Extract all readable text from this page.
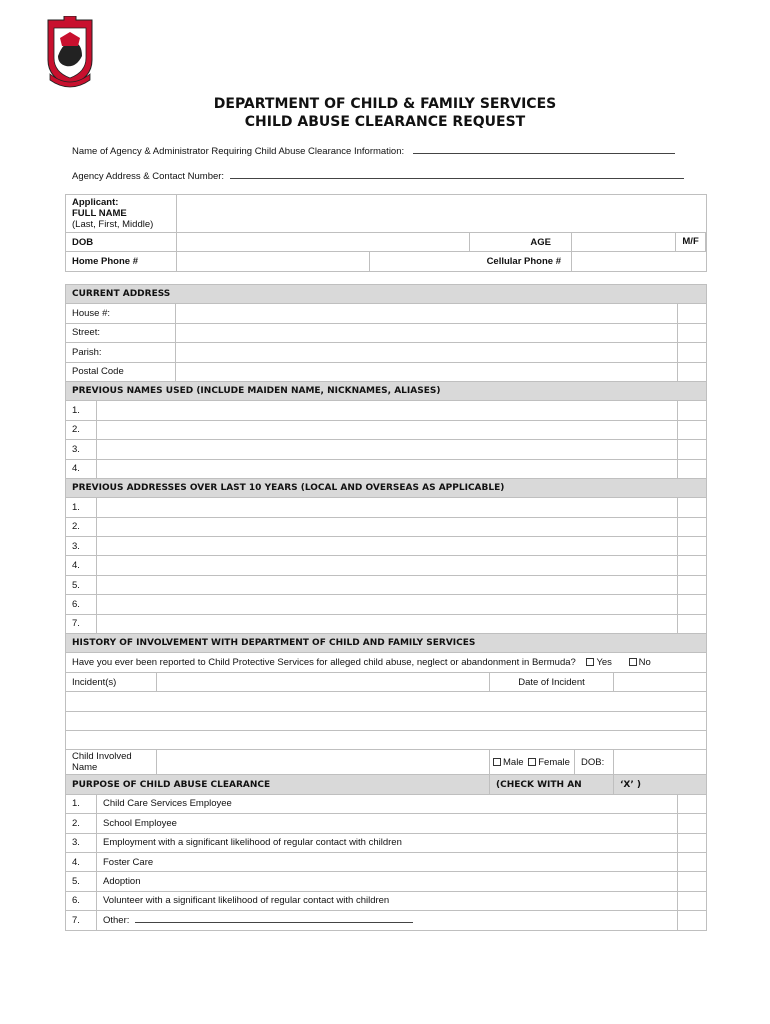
DEPARTMENT OF CHILD & FAMILY SERVICES
CHILD ABUSE CLEARANCE REQUEST
Name of Agency & Administrator Requiring Child Abuse Clearance Information:
Agency Address & Contact Number:
Applicant:
FULL NAME
(Last, First, Middle)				

DOB			AGE	M/F

Home Phone #		Cellular Phone #		
CURRENT ADDRESS							
House #:							
Street:							
Parish:							
Postal Code							
PREVIOUS NAMES USED (INCLUDE MAIDEN NAME, NICKNAMES, ALIASES)							
1.							
2.							
3.							
4.							
PREVIOUS ADDRESSES OVER LAST 10 YEARS (LOCAL AND OVERSEAS AS APPLICABLE)							
1.							
2.							
3.							
4.							
5.							
6.							
7.							
HISTORY OF INVOLVEMENT WITH DEPARTMENT OF CHILD AND FAMILY SERVICES							
Have you ever been reported to Child Protective Services for alleged child abuse, neglect or abandonment in Bermuda? Yes No							
Incident(s)				Date of Incident			

Child Involved
Name				Male Female	DOB:		
PURPOSE OF CHILD ABUSE CLEARANCE				(CHECK WITH AN		‘X’ )	
1.	Child Care Services Employee						
2.	School Employee						
3.	Employment with a significant likelihood of regular contact with children						
4.	Foster Care						
5.	Adoption						
6.	Volunteer with a significant likelihood of regular contact with children						
7.	Other:						
